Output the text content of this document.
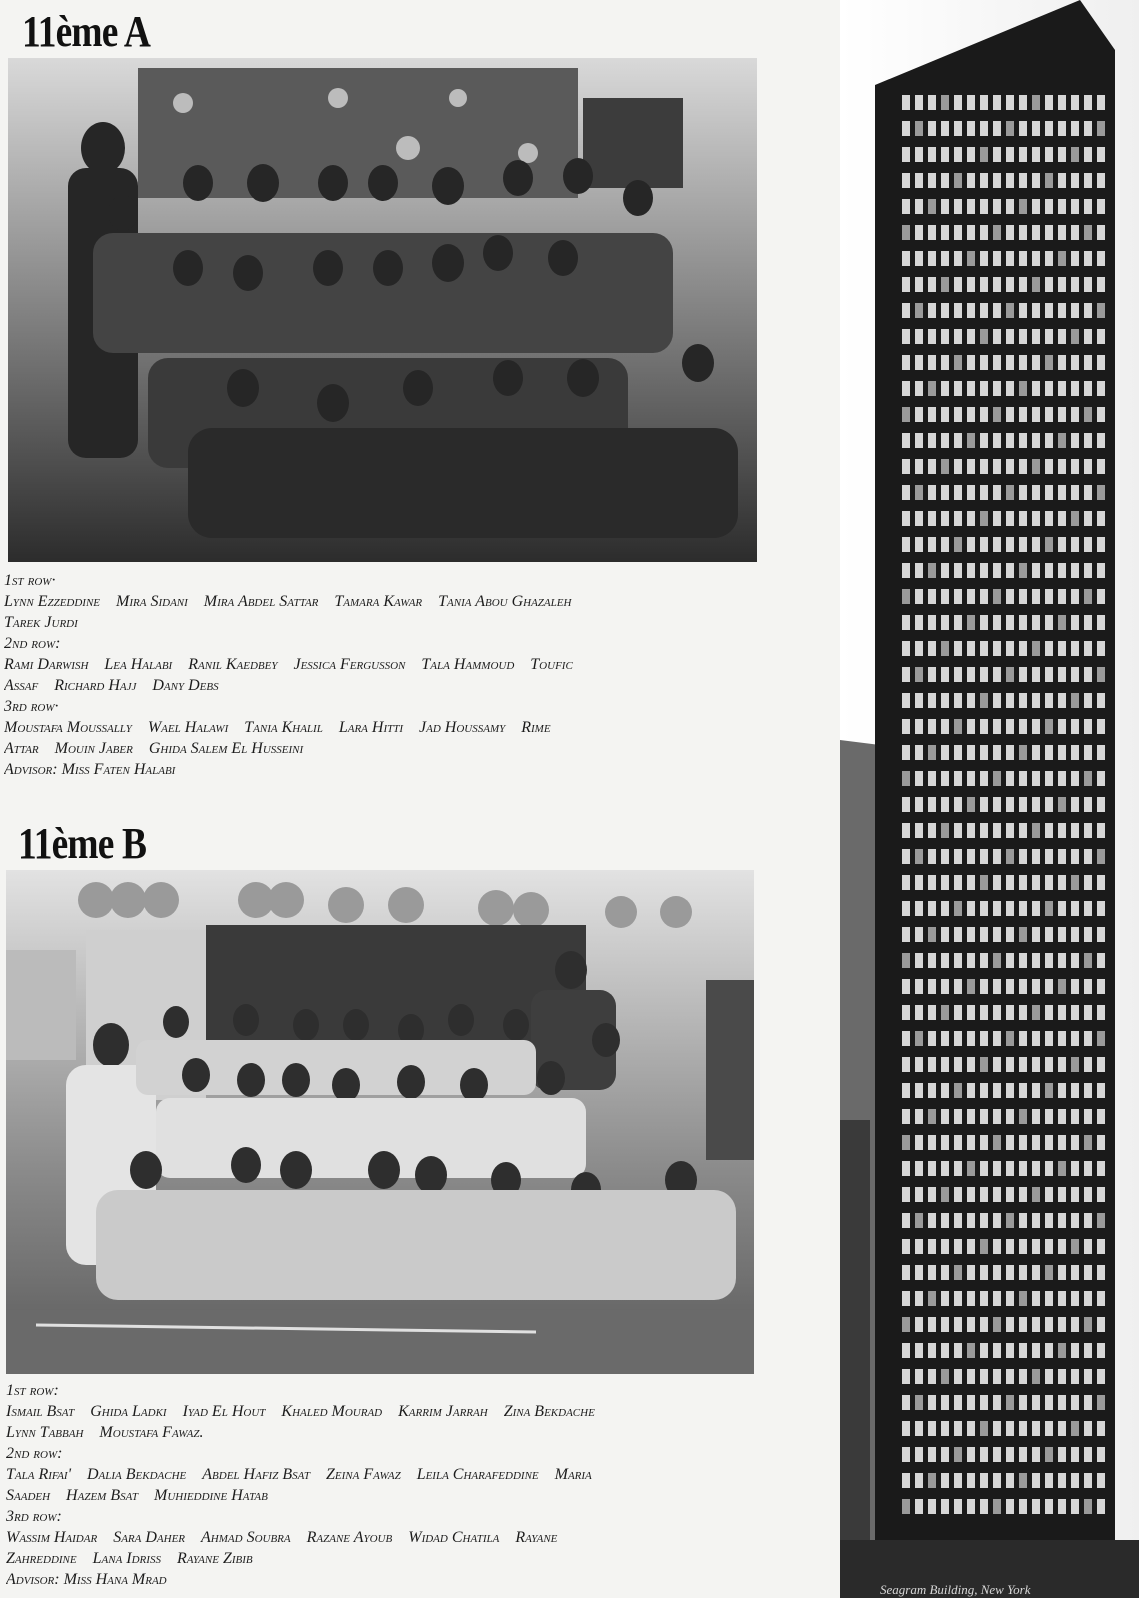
11ème A
1st row·
Lynn Ezzeddine Mira Sidani Mira Abdel Sattar Tamara Kawar Tania Abou Ghazaleh
Tarek Jurdi
2nd row:
Rami Darwish Lea Halabi Ranil Kaedbey Jessica Fergusson Tala Hammoud Toufic
Assaf Richard Hajj Dany Debs
3rd row·
Moustafa Moussally Wael Halawi Tania Khalil Lara Hitti Jad Houssamy Rime
Attar Mouin Jaber Ghida Salem El Husseini
Advisor: Miss Faten Halabi
11ème B
1st row:
Ismail Bsat Ghida Ladki Iyad El Hout Khaled Mourad Karrim Jarrah Zina Bekdache
Lynn Tabbah Moustafa Fawaz.
2nd row:
Tala Rifai' Dalia Bekdache Abdel Hafiz Bsat Zeina Fawaz Leila Charafeddine Maria
Saadeh Hazem Bsat Muhieddine Hatab
3rd row:
Wassim Haidar Sara Daher Ahmad Soubra Razane Ayoub Widad Chatila Rayane
Zahreddine Lana Idriss Rayane Zibib
Advisor: Miss Hana Mrad
Seagram Building, New York
